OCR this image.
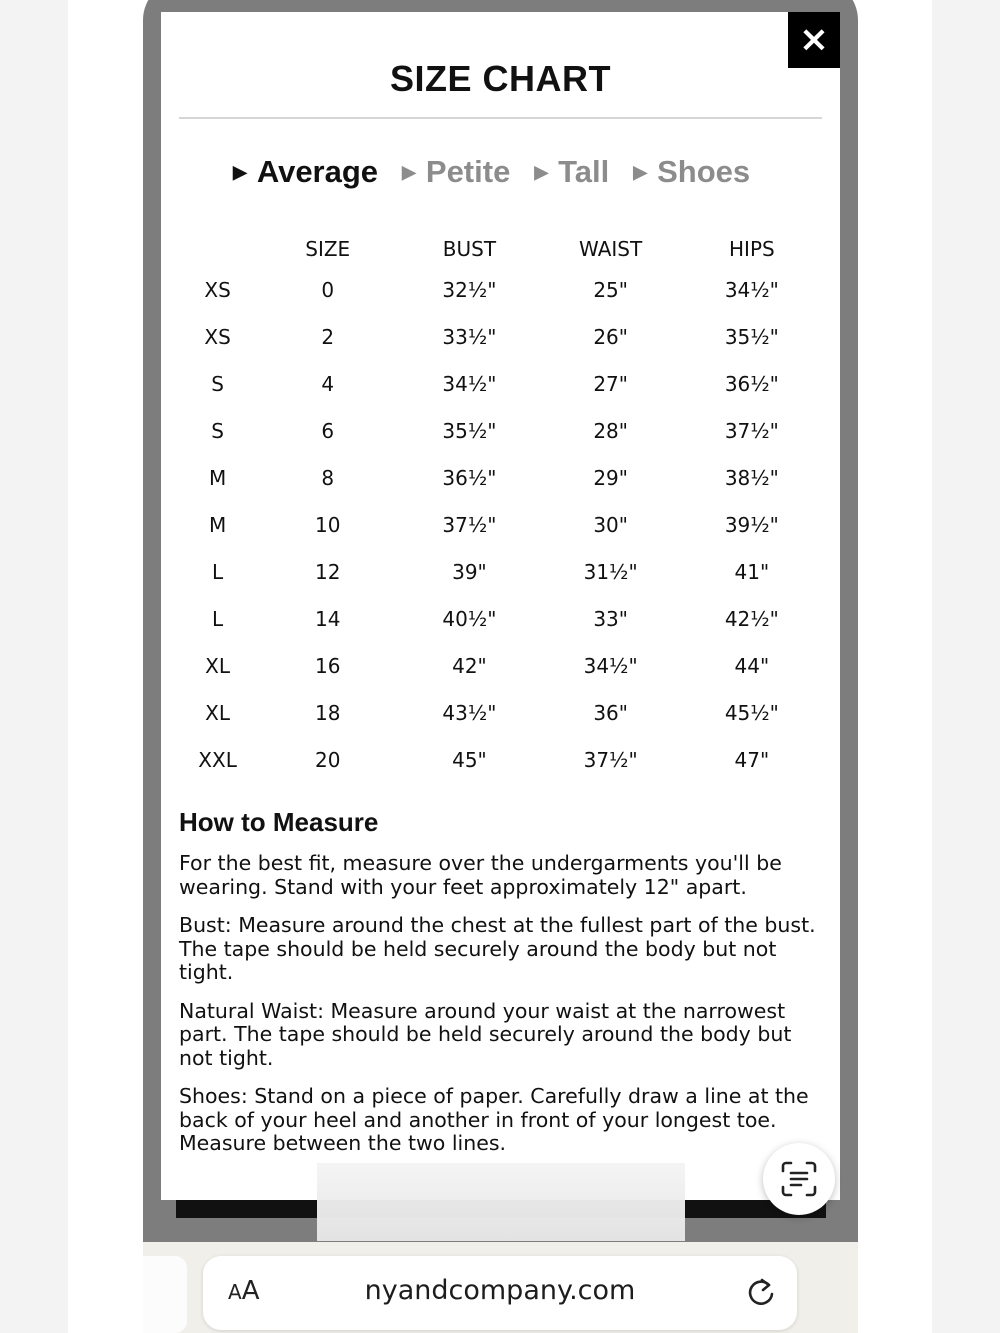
SIZE CHART
▶ Average ▶ Petite ▶ Tall ▶ Shoes
	SIZE	BUST	WAIST	HIPS
XS	0	32½"	25"	34½"
XS	2	33½"	26"	35½"
S	4	34½"	27"	36½"
S	6	35½"	28"	37½"
M	8	36½"	29"	38½"
M	10	37½"	30"	39½"
L	12	39"	31½"	41"
L	14	40½"	33"	42½"
XL	16	42"	34½"	44"
XL	18	43½"	36"	45½"
XXL	20	45"	37½"	47"
How to Measure

For the best fit, measure over the undergarments you'll be wearing. Stand with your feet approximately 12" apart.

Bust: Measure around the chest at the fullest part of the bust. The tape should be held securely around the body but not tight.

Natural Waist: Measure around your waist at the narrowest part. The tape should be held securely around the body but not tight.

Shoes: Stand on a piece of paper. Carefully draw a line at the back of your heel and another in front of your longest toe. Measure between the two lines.

×
AA	nyandcompany.com
